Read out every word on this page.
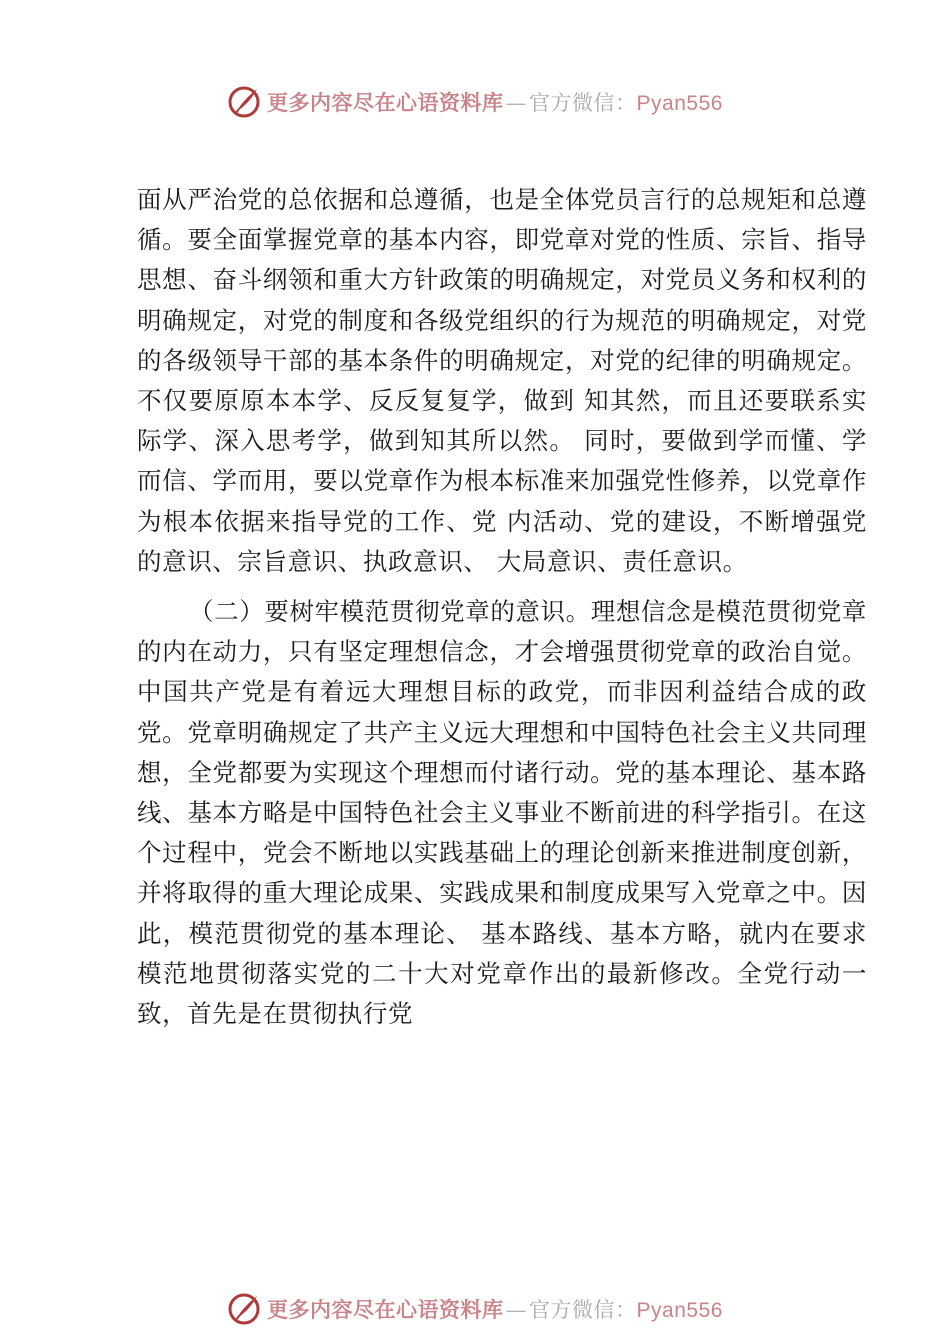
更多内容尽在心语资料库 — 官方微信： Pyan556

面从严治党的总依据和总遵循，也是全体党员言行的总规矩和总遵循。要全面掌握党章的基本内容，即党章对党的性质、宗旨、指导思想、奋斗纲领和重大方针政策的明确规定，对党员义务和权利的明确规定，对党的制度和各级党组织的行为规范的明确规定，对党的各级领导干部的基本条件的明确规定，对党的纪律的明确规定。不仅要原原本本学、反反复复学，做到 知其然，而且还要联系实际学、深入思考学，做到知其所以然。 同时，要做到学而懂、学而信、学而用，要以党章作为根本标准来加强党性修养，以党章作为根本依据来指导党的工作、党 内活动、党的建设，不断增强党的意识、宗旨意识、执政意识、 大局意识、责任意识。

（二）要树牢模范贯彻党章的意识。理想信念是模范贯彻党章的内在动力，只有坚定理想信念，才会增强贯彻党章的政治自觉。中国共产党是有着远大理想目标的政党，而非因利益结合成的政党。党章明确规定了共产主义远大理想和中国特色社会主义共同理想，全党都要为实现这个理想而付诸行动。党的基本理论、基本路线、基本方略是中国特色社会主义事业不断前进的科学指引。在这个过程中，党会不断地以实践基础上的理论创新来推进制度创新，并将取得的重大理论成果、实践成果和制度成果写入党章之中。因此，模范贯彻党的基本理论、 基本路线、基本方略，就内在要求模范地贯彻落实党的二十大对党章作出的最新修改。全党行动一致，首先是在贯彻执行党

更多内容尽在心语资料库 — 官方微信： Pyan556
